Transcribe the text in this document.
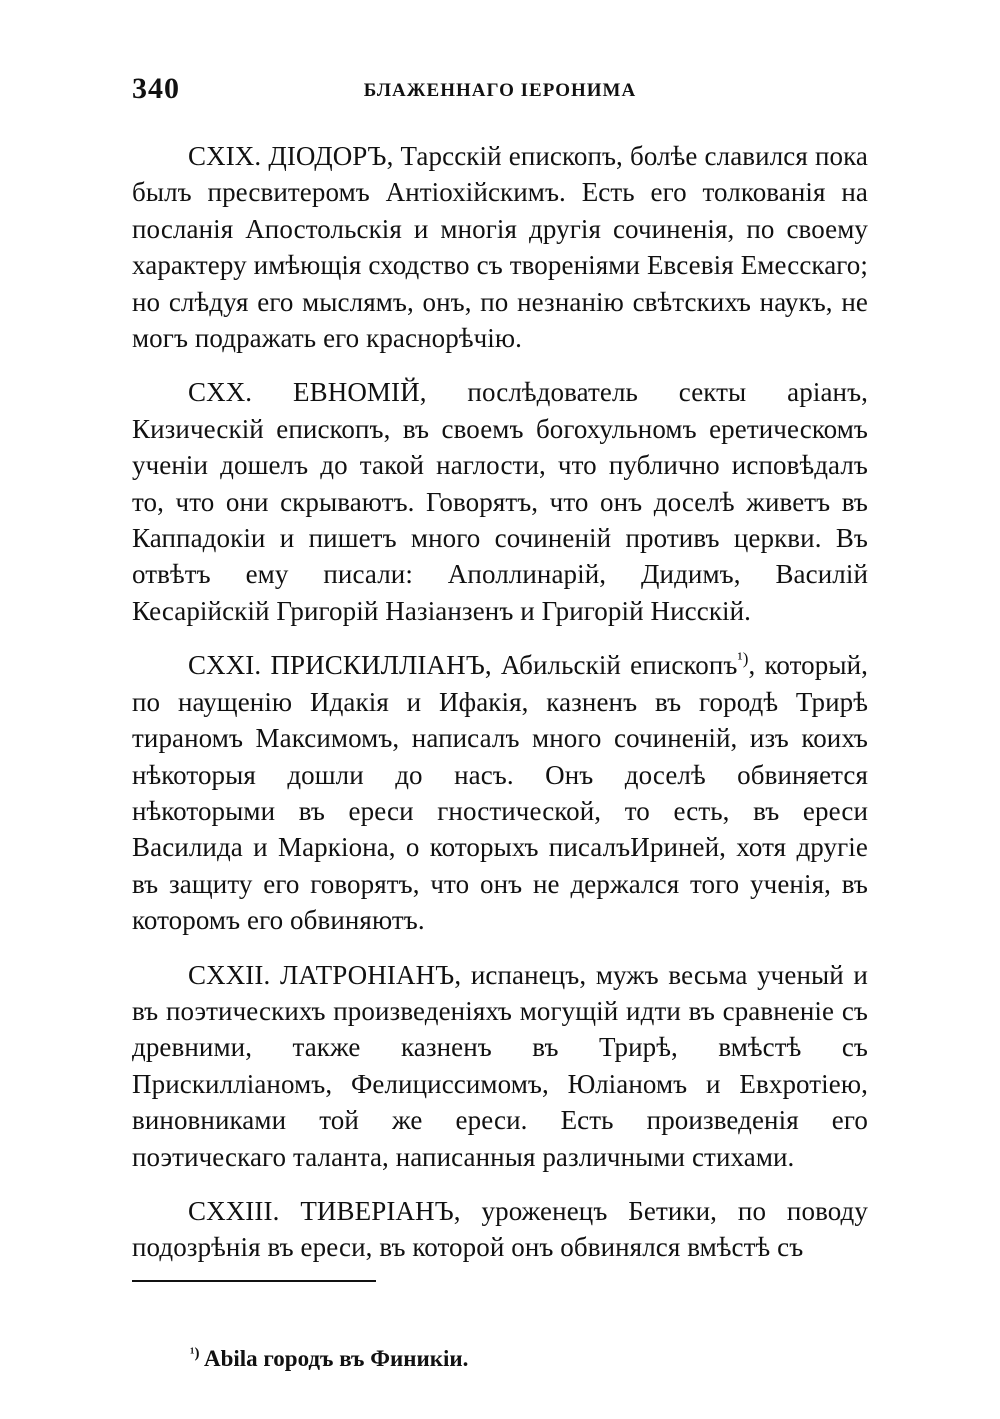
340	БЛАЖЕННАГО ІЕРОНИМА

CXIX. ДІОДОРЪ, Тарсскій епископъ, болѣе славился пока былъ пресвитеромъ Антіохійскимъ. Есть его толкованія на посланія Апостольскія и многія другія сочиненія, по своему характеру имѣющія сходство съ твореніями Евсевія Емесскаго; но слѣдуя его мыслямъ, онъ, по незнанію свѣтскихъ наукъ, не могъ подражать его краснорѣчію.

CXX. ЕВНОМІЙ, послѣдователь секты аріанъ, Кизическій епископъ, въ своемъ богохульномъ еретическомъ ученіи дошелъ до такой наглости, что публично исповѣдалъ то, что они скрываютъ. Говорятъ, что онъ доселѣ живетъ въ Каппадокіи и пишетъ много сочиненій противъ церкви. Въ отвѣтъ ему писали: Аполлинарій, Дидимъ, Василій Кесарійскій Григорій Назіанзенъ и Григорій Нисскій.

CXXI. ПРИСКИЛЛІАНЪ, Абильскій епископъ$^{^1)}$, который, по наущенію Идакія и Ифакія, казненъ въ городѣ Трирѣ тираномъ Максимомъ, написалъ много сочиненій, изъ коихъ нѣкоторыя дошли до насъ. Онъ доселѣ обвиняется нѣкоторыми въ ереси гностической, то есть, въ ереси Василида и Маркіона, о которыхъ писалъИриней, хотя другіе въ защиту его говорятъ, что онъ не держался того ученія, въ которомъ его обвиняютъ.

CXXII. ЛАТРОНІАНЪ, испанецъ, мужъ весьма ученый и въ поэтическихъ произведеніяхъ могущій идти въ сравненіе съ древними, также казненъ въ Трирѣ, вмѣстѣ съ Прискилліаномъ, Фелициссимомъ, Юліаномъ и Евхротіею, виновниками той же ереси. Есть произведенія его поэтическаго таланта, написанныя различными стихами.

CXXIII. ТИВЕРІАНЪ, уроженецъ Бетики, по поводу подозрѣнія въ ереси, въ которой онъ обвинялся вмѣстѣ съ

$^{^1)}$ Abila городъ въ Финикіи.
